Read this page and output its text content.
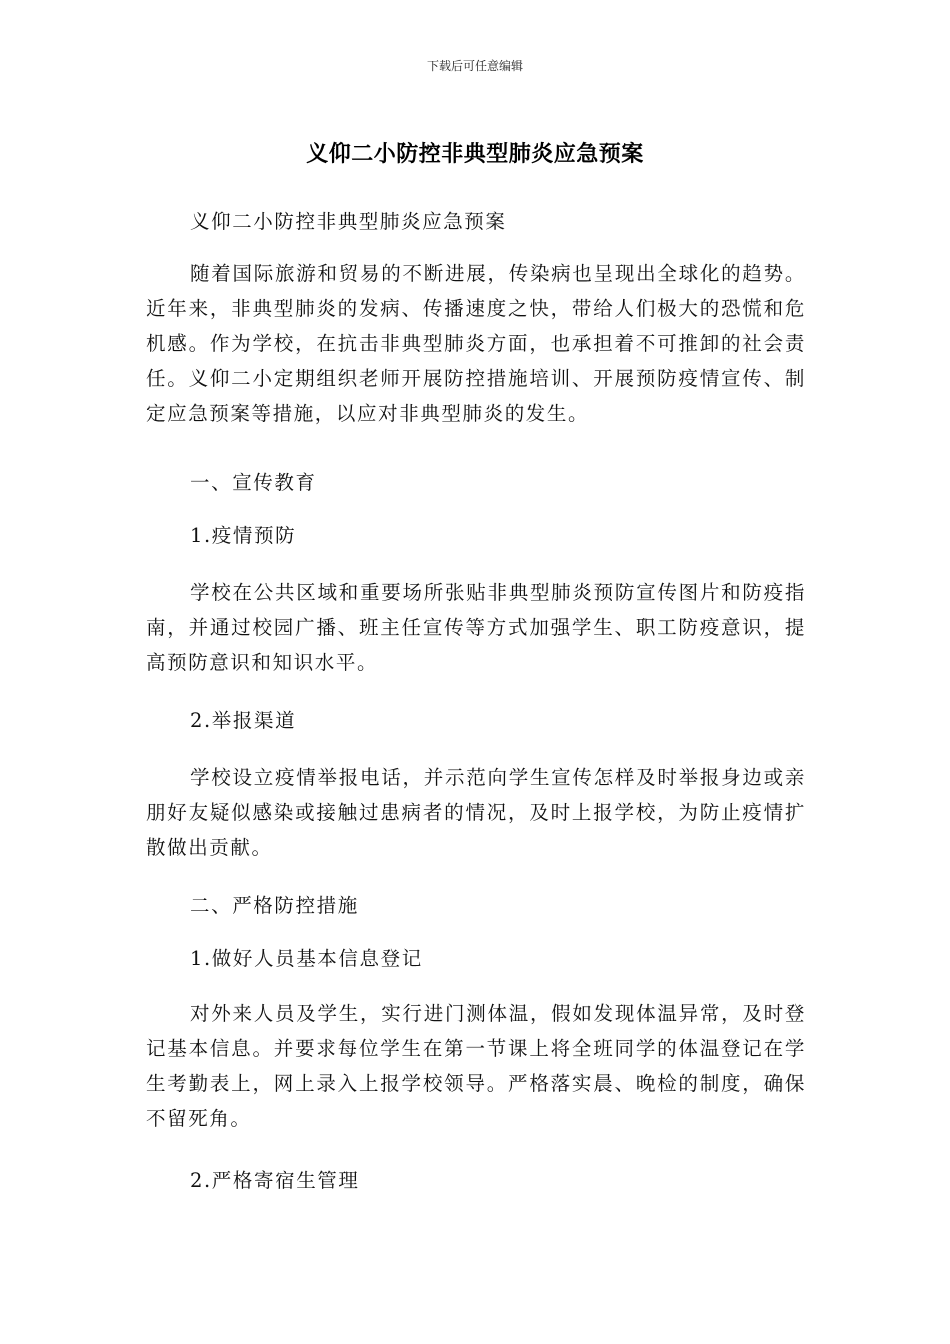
下载后可任意编辑
义仰二小防控非典型肺炎应急预案

义仰二小防控非典型肺炎应急预案

随着国际旅游和贸易的不断进展，传染病也呈现出全球化的趋势。近年来，非典型肺炎的发病、传播速度之快，带给人们极大的恐慌和危机感。作为学校，在抗击非典型肺炎方面，也承担着不可推卸的社会责任。义仰二小定期组织老师开展防控措施培训、开展预防疫情宣传、制定应急预案等措施，以应对非典型肺炎的发生。

一、宣传教育

1.疫情预防

学校在公共区域和重要场所张贴非典型肺炎预防宣传图片和防疫指南，并通过校园广播、班主任宣传等方式加强学生、职工防疫意识，提高预防意识和知识水平。

2.举报渠道

学校设立疫情举报电话，并示范向学生宣传怎样及时举报身边或亲朋好友疑似感染或接触过患病者的情况，及时上报学校，为防止疫情扩散做出贡献。

二、严格防控措施

1.做好人员基本信息登记

对外来人员及学生，实行进门测体温，假如发现体温异常，及时登记基本信息。并要求每位学生在第一节课上将全班同学的体温登记在学生考勤表上，网上录入上报学校领导。严格落实晨、晚检的制度，确保不留死角。

2.严格寄宿生管理
